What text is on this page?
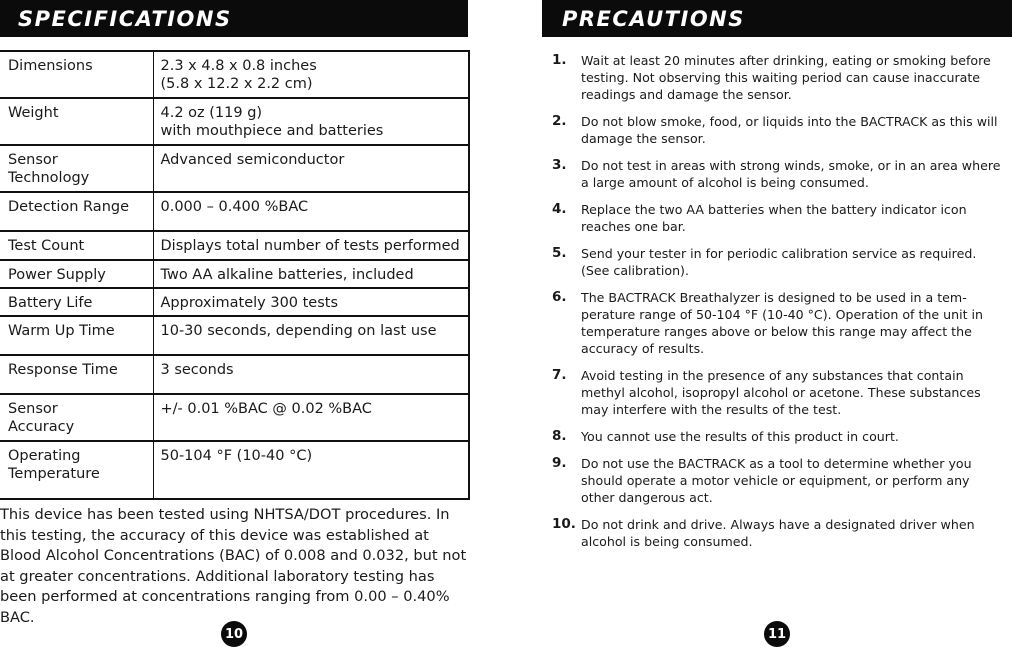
SPECIFICATIONS
Dimensions	2.3 x 4.8 x 0.8 inches
(5.8 x 12.2 x 2.2 cm)
Weight	4.2 oz (119 g)
with mouthpiece and batteries
Sensor
Technology	Advanced semiconductor
Detection Range	0.000 – 0.400 %BAC
Test Count	Displays total number of tests performed
Power Supply	Two AA alkaline batteries, included
Battery Life	Approximately 300 tests
Warm Up Time	10-30 seconds, depending on last use
Response Time	3 seconds
Sensor
Accuracy	+/- 0.01 %BAC @ 0.02 %BAC
Operating
Temperature	50-104 °F (10-40 °C)
This device has been tested using NHTSA/DOT procedures. In this testing, the accuracy of this device was established at Blood Alcohol Concentrations (BAC) of 0.008 and 0.032, but not at greater concentrations. Additional laboratory testing has been performed at concentrations ranging from 0.00 – 0.40% BAC.
10
PRECAUTIONS
1. Wait at least 20 minutes after drinking, eating or smoking before testing. Not observing this waiting period can cause inaccurate readings and damage the sensor.
2. Do not blow smoke, food, or liquids into the BACTRACK as this will damage the sensor.
3. Do not test in areas with strong winds, smoke, or in an area where a large amount of alcohol is being consumed.
4. Replace the two AA batteries when the battery indicator icon reaches one bar.
5. Send your tester in for periodic calibration service as required. (See calibration).
6. The BACTRACK Breathalyzer is designed to be used in a tem-perature range of 50-104 °F (10-40 °C). Operation of the unit in temperature ranges above or below this range may affect the accuracy of results.
7. Avoid testing in the presence of any substances that contain methyl alcohol, isopropyl alcohol or acetone. These substances may interfere with the results of the test.
8. You cannot use the results of this product in court.
9. Do not use the BACTRACK as a tool to determine whether you should operate a motor vehicle or equipment, or perform any other dangerous act.
10. Do not drink and drive. Always have a designated driver when alcohol is being consumed.
11
